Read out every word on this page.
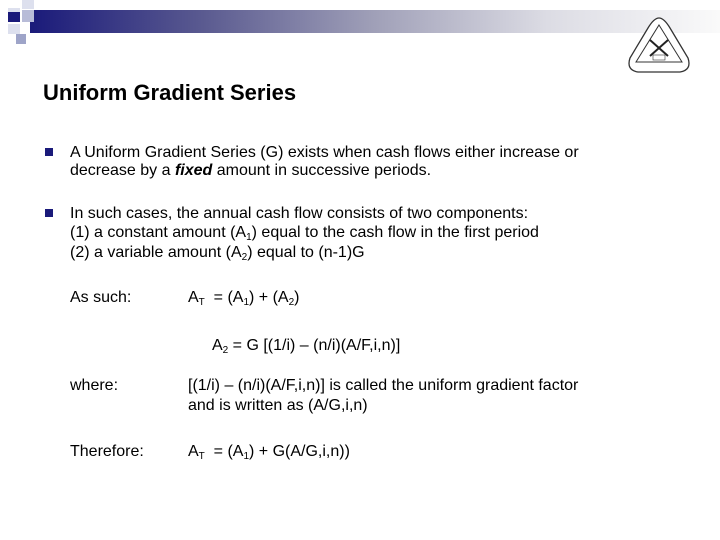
Uniform Gradient Series
A Uniform Gradient Series (G) exists when cash flows either increase or
decrease by a fixed amount in successive periods.
In such cases, the annual cash flow consists of two components:
(1) a constant amount $(A_1)$ equal to the cash flow in the first period
(2) a variable amount $(A_2)$ equal to (n-1)G
As such:	$A_T = (A_1) + (A_2)$
$A_2 = G$ [(1/i) – (n/i)(A/F,i,n)]
where:	[(1/i) – (n/i)(A/F,i,n)] is called the uniform gradient factor
and is written as (A/G,i,n)
Therefore:	$A_T = (A_1) + G(A/G,i,n)$)
